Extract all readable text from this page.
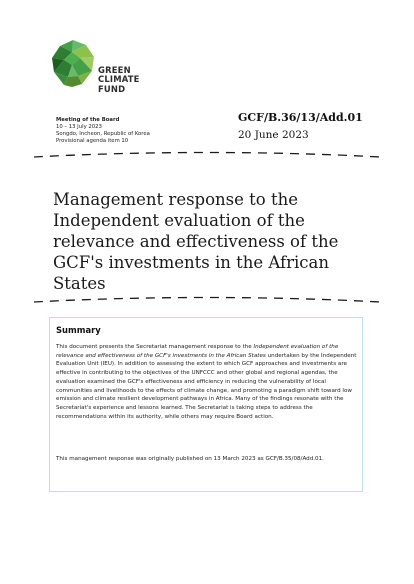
GREEN
CLIMATE
FUND
Meeting of the Board
10 – 13 July 2023
Songdo, Incheon, Republic of Korea
Provisional agenda item 10
GCF/B.36/13/Add.01
20 June 2023
Management response to the Independent evaluation of the relevance and effectiveness of the GCF's investments in the African States
Summary
This document presents the Secretariat management response to the Independent evaluation of the relevance and effectiveness of the GCF's investments in the African States undertaken by the Independent Evaluation Unit (IEU). In addition to assessing the extent to which GCF approaches and investments are effective in contributing to the objectives of the UNFCCC and other global and regional agendas, the evaluation examined the GCF's effectiveness and efficiency in reducing the vulnerability of local communities and livelihoods to the effects of climate change, and promoting a paradigm shift toward low emission and climate resilient development pathways in Africa. Many of the findings resonate with the Secretariat's experience and lessons learned. The Secretariat is taking steps to address the recommendations within its authority, while others may require Board action.
This management response was originally published on 13 March 2023 as GCF/B.35/08/Add.01.
